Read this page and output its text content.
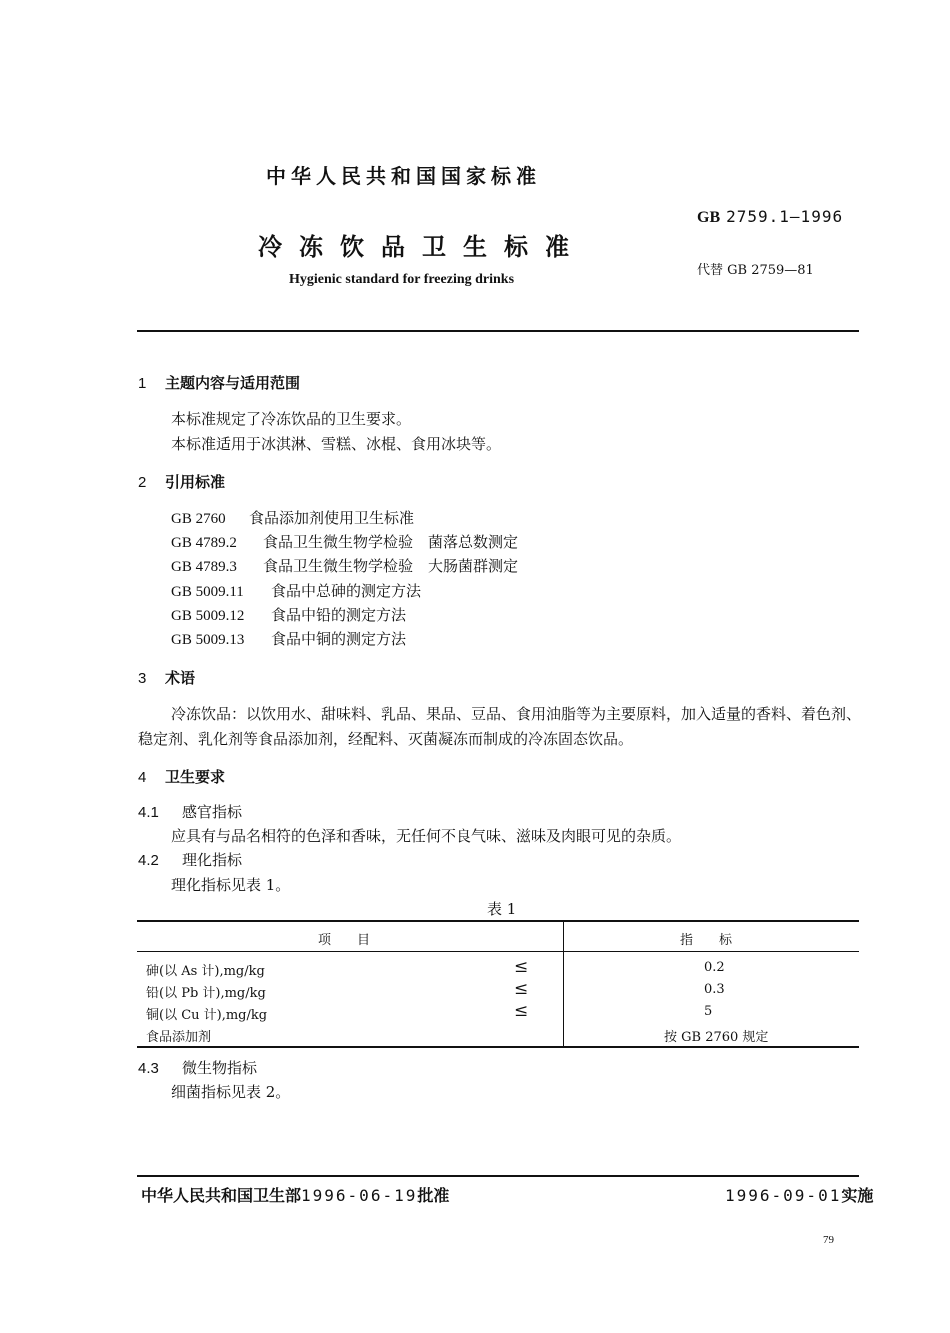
中华人民共和国国家标准
冷冻饮品卫生标准
Hygienic standard for freezing drinks
GB 2759.1—1996
代替 GB 2759—81
1 主题内容与适用范围
本标准规定了冷冻饮品的卫生要求。
本标准适用于冰淇淋、雪糕、冰棍、食用冰块等。
2 引用标准
GB 2760 食品添加剂使用卫生标准
GB 4789.2 食品卫生微生物学检验　菌落总数测定
GB 4789.3 食品卫生微生物学检验　大肠菌群测定
GB 5009.11 食品中总砷的测定方法
GB 5009.12 食品中铅的测定方法
GB 5009.13 食品中铜的测定方法
3 术语
冷冻饮品：以饮用水、甜味料、乳品、果品、豆品、食用油脂等为主要原料，加入适量的香料、着色剂、
稳定剂、乳化剂等食品添加剂，经配料、灭菌凝冻而制成的冷冻固态饮品。
4 卫生要求
4.1 感官指标
应具有与品名相符的色泽和香味，无任何不良气味、滋味及肉眼可见的杂质。
4.2 理化指标
理化指标见表 1。
表 1
项目	指标
砷(以 As 计),mg/kg	≤	0.2
铅(以 Pb 计),mg/kg	≤	0.3
铜(以 Cu 计),mg/kg	≤	5
食品添加剂	按 GB 2760 规定
4.3 微生物指标
细菌指标见表 2。
中华人民共和国卫生部1996-06-19批准	1996-09-01实施
79
